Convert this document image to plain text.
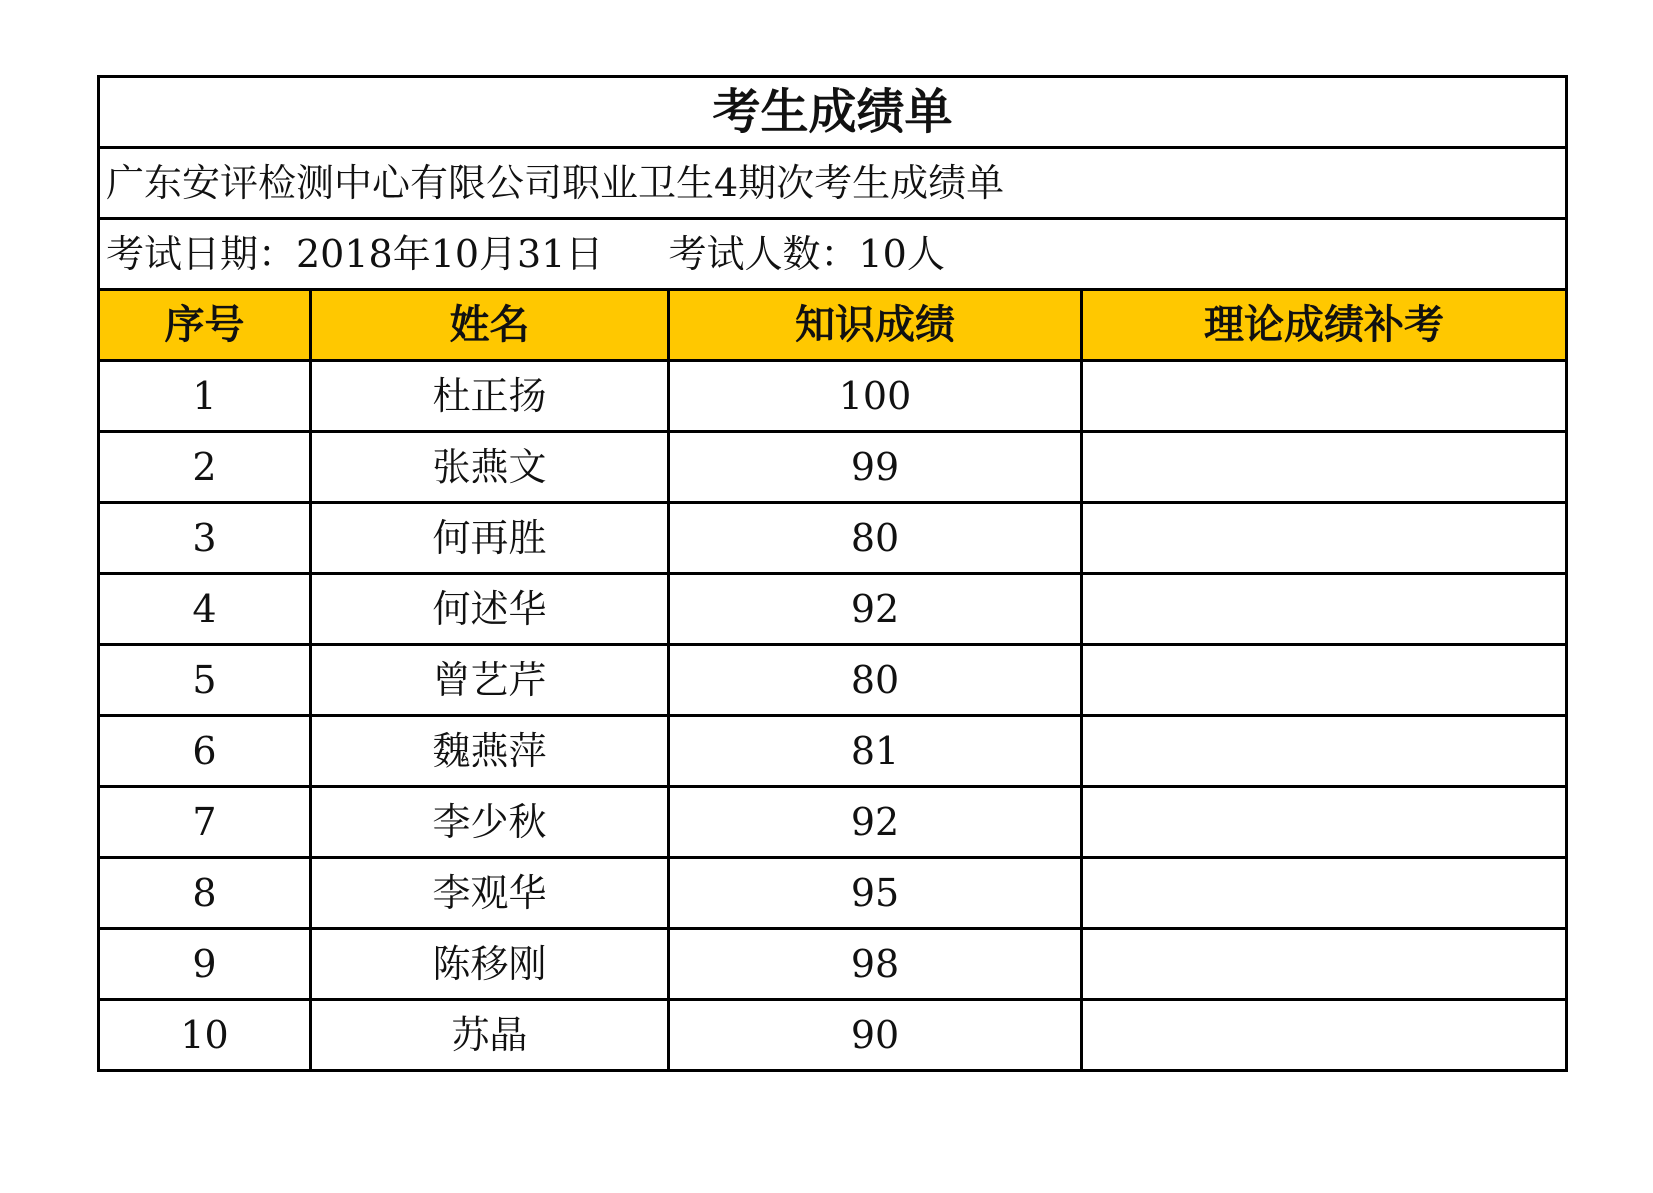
考生成绩单			
广东安评检测中心有限公司职业卫生4期次考生成绩单			
考试日期：2018年10月31日		考试人数：10人	
序号	姓名	知识成绩	理论成绩补考
1	杜正扬	100	
2	张燕文	99	
3	何再胜	80	
4	何述华	92	
5	曾艺芹	80	
6	魏燕萍	81	
7	李少秋	92	
8	李观华	95	
9	陈移刚	98	
10	苏晶	90	
